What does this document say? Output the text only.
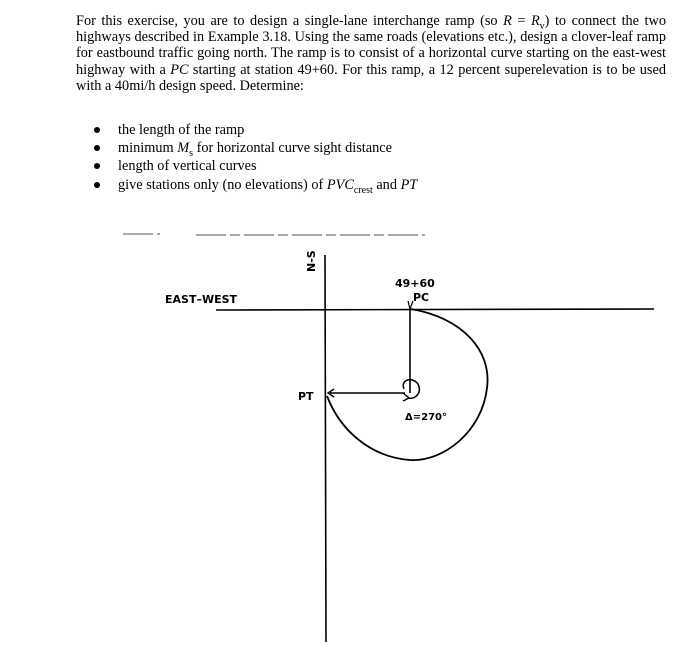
For this exercise, you are to design a single-lane interchange ramp (so $R = R_v$) to connect the two highways described in Example 3.18. Using the same roads (elevations etc.), design a clover-leaf ramp for eastbound traffic going north. The ramp is to consist of a horizontal curve starting on the east-west highway with a PC starting at station 49+60. For this ramp, a 12 percent superelevation is to be used with a 40mi/h design speed. Determine:
the length of the ramp
minimum $M_s$ for horizontal curve sight distance
length of vertical curves
give stations only (no elevations) of $PVC_{crest}$ and PT
N-S
EAST–WEST
49+60
PC
PT
Δ=270°
